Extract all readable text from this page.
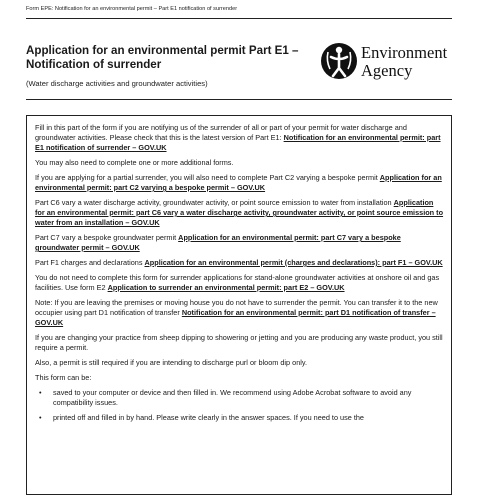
Form EPE: Notification for an environmental permit – Part E1 notification of surrender
Application for an environmental permit Part E1 – Notification of surrender
(Water discharge activities and groundwater activities)
Environment
Agency

Fill in this part of the form if you are notifying us of the surrender of all or part of your permit for water discharge and groundwater activities. Please check that this is the latest version of Part E1: Notification for an environmental permit: part E1 notification of surrender – GOV.UK

You may also need to complete one or more additional forms.

If you are applying for a partial surrender, you will also need to complete Part C2 varying a bespoke permit Application for an environmental permit: part C2 varying a bespoke permit – GOV.UK

Part C6 vary a water discharge activity, groundwater activity, or point source emission to water from installation Application for an environmental permit: part C6 vary a water discharge activity, groundwater activity, or point source emission to water from an installation – GOV.UK

Part C7 vary a bespoke groundwater permit Application for an environmental permit: part C7 vary a bespoke groundwater permit – GOV.UK

Part F1 charges and declarations Application for an environmental permit (charges and declarations): part F1 – GOV.UK

You do not need to complete this form for surrender applications for stand-alone groundwater activities at onshore oil and gas facilities. Use form E2 Application to surrender an environmental permit: part E2 – GOV.UK

Note: If you are leaving the premises or moving house you do not have to surrender the permit. You can transfer it to the new occupier using part D1 notification of transfer Notification for an environmental permit: part D1 notification of transfer – GOV.UK

If you are changing your practice from sheep dipping to showering or jetting and you are producing any waste product, you still require a permit.

Also, a permit is still required if you are intending to discharge purl or bloom dip only.

This form can be:

• saved to your computer or device and then filled in. We recommend using Adobe Acrobat software to avoid any compatibility issues.
• printed off and filled in by hand. Please write clearly in the answer spaces. If you need to use the
